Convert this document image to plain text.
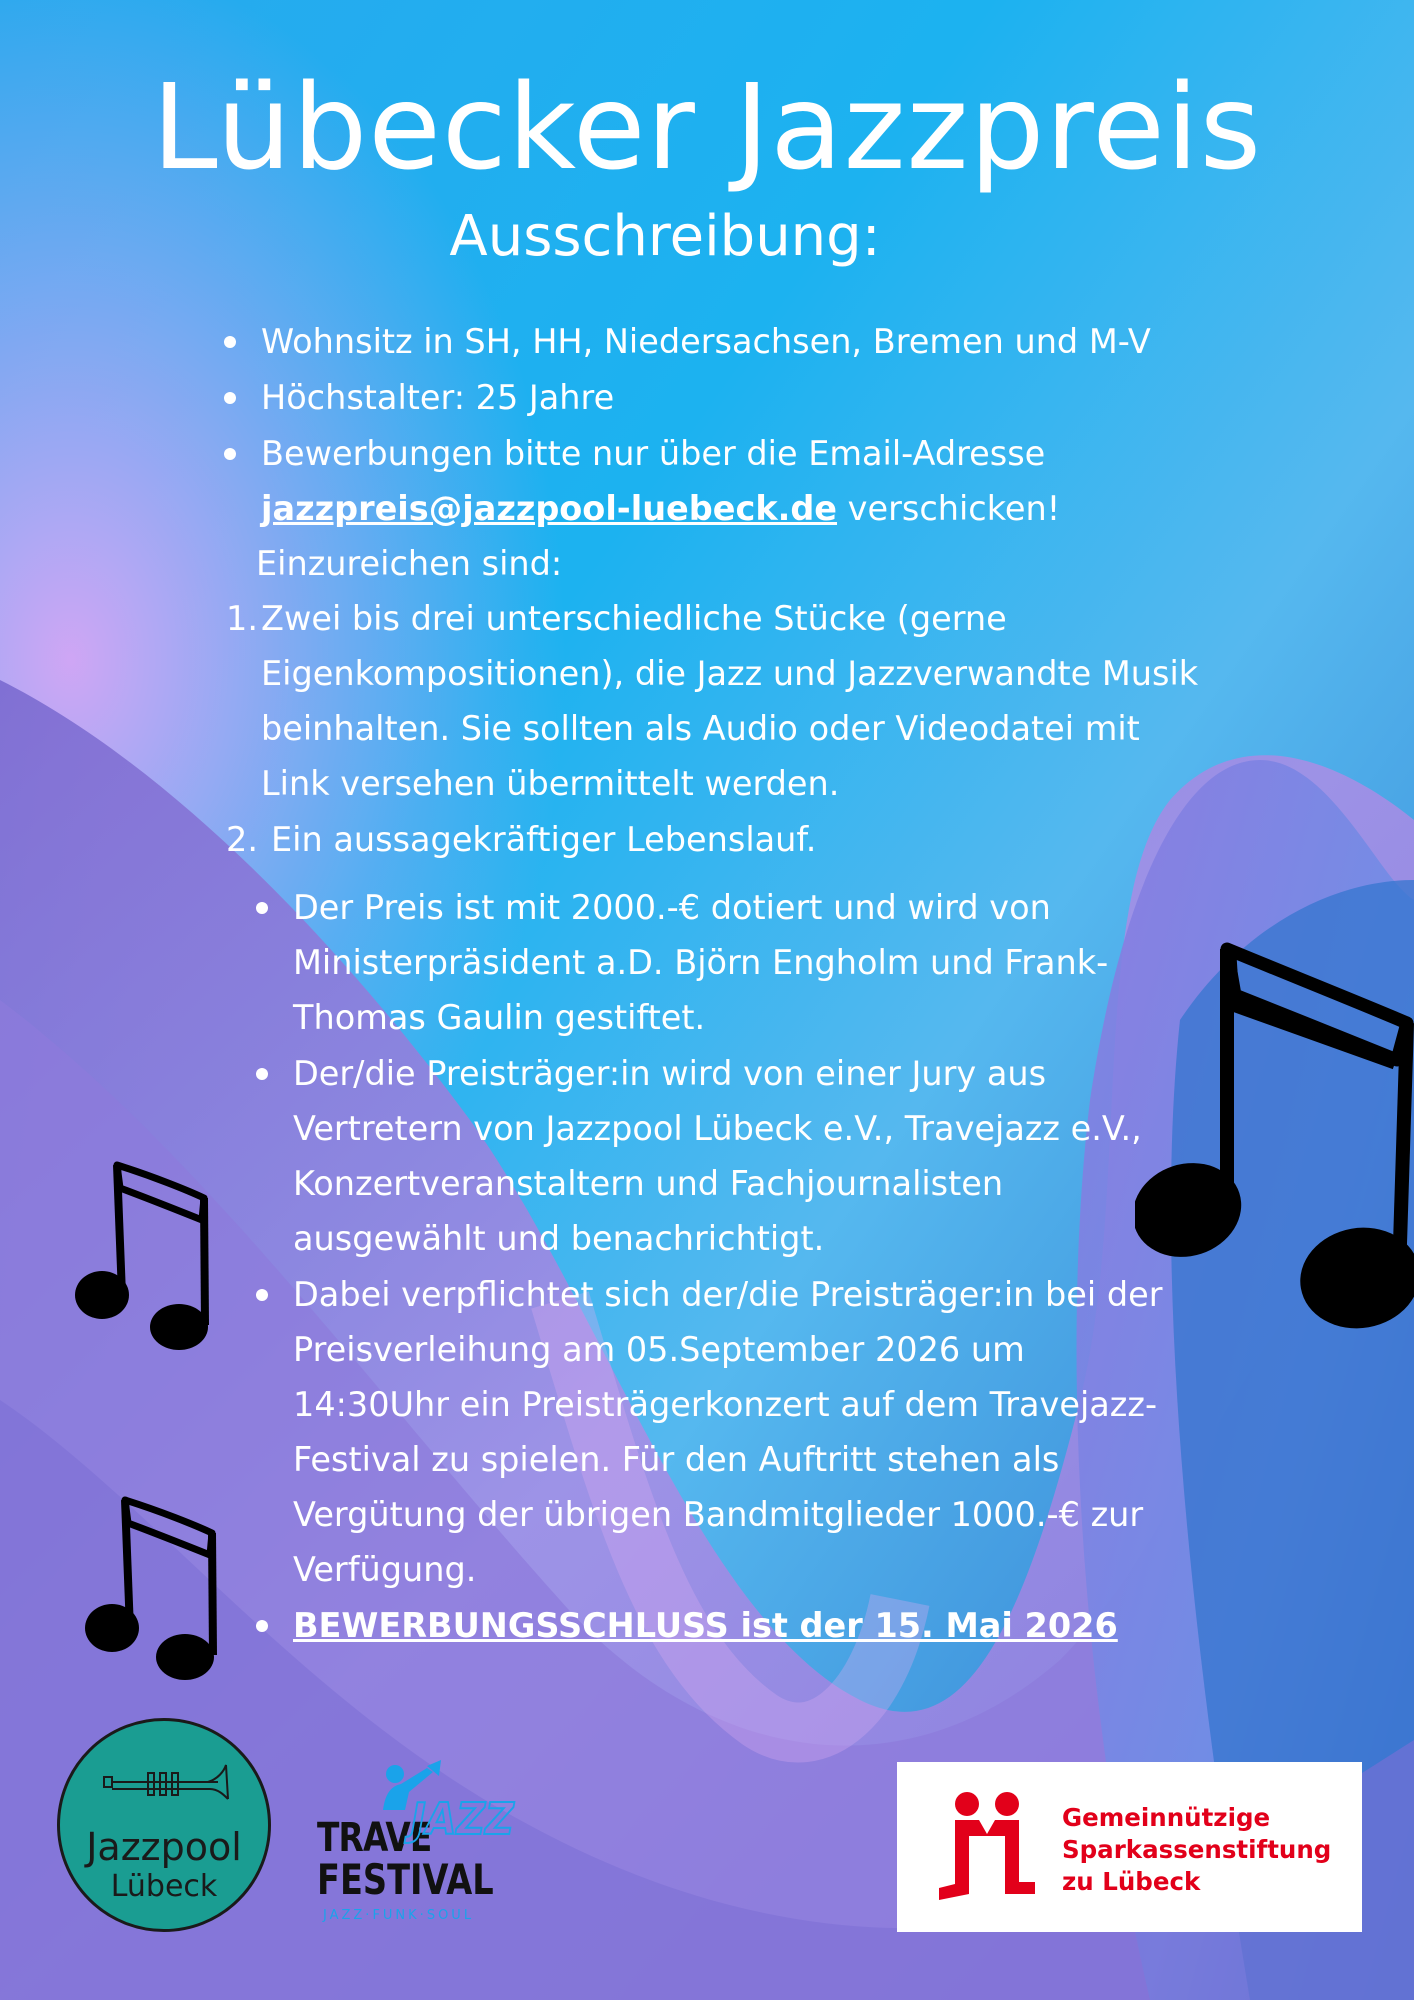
Lübecker Jazzpreis
Ausschreibung:
Wohnsitz in SH, HH, Niedersachsen, Bremen und M-V
Höchstalter: 25 Jahre
Bewerbungen bitte nur über die Email-Adresse
jazzpreis@jazzpool-luebeck.de verschicken!
Einzureichen sind:
1. Zwei bis drei unterschiedliche Stücke (gerne
Eigenkompositionen), die Jazz und Jazzverwandte Musik
beinhalten. Sie sollten als Audio oder Videodatei mit
Link versehen übermittelt werden.
2. Ein aussagekräftiger Lebenslauf.
Der Preis ist mit 2000.-€ dotiert und wird von
Ministerpräsident a.D. Björn Engholm und Frank-
Thomas Gaulin gestiftet.
Der/die Preisträger:in wird von einer Jury aus
Vertretern von Jazzpool Lübeck e.V., Travejazz e.V.,
Konzertveranstaltern und Fachjournalisten
ausgewählt und benachrichtigt.
Dabei verpflichtet sich der/die Preisträger:in bei der
Preisverleihung am 05.September 2026 um
14:30Uhr ein Preisträgerkonzert auf dem Travejazz-
Festival zu spielen. Für den Auftritt stehen als
Vergütung der übrigen Bandmitglieder 1000.-€ zur
Verfügung.
BEWERBUNGSSCHLUSS ist der 15. Mai 2026
Jazzpool
Lübeck
TRAVE
JAZZ
FESTIVAL
JAZZ·FUNK·SOUL
Gemeinnützige
Sparkassenstiftung
zu Lübeck
